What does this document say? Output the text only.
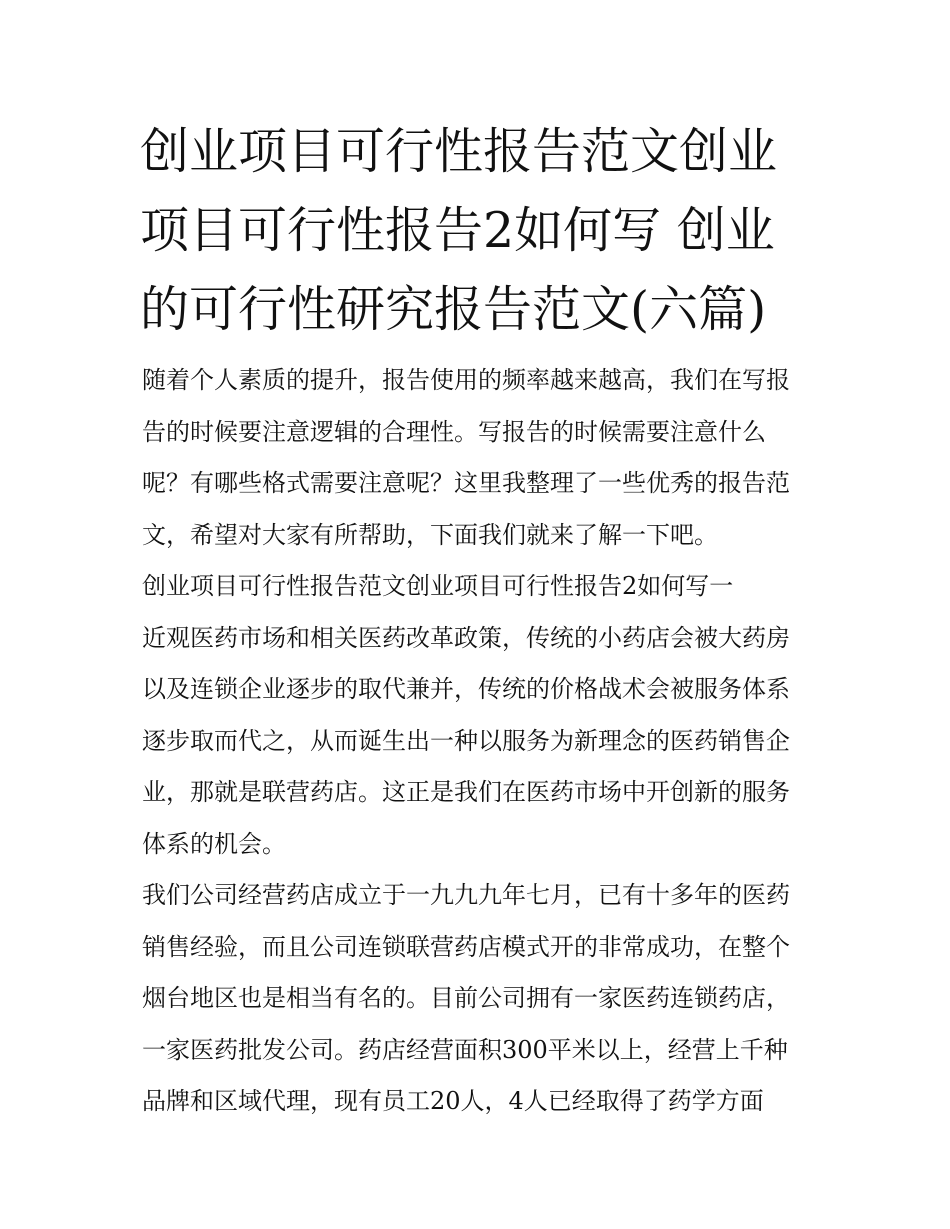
创业项目可行性报告范文创业
项目可行性报告2如何写 创业
的可行性研究报告范文(六篇)
随着个人素质的提升，报告使用的频率越来越高，我们在写报
告的时候要注意逻辑的合理性。写报告的时候需要注意什么
呢？有哪些格式需要注意呢？这里我整理了一些优秀的报告范
文，希望对大家有所帮助，下面我们就来了解一下吧。
创业项目可行性报告范文创业项目可行性报告2如何写一
近观医药市场和相关医药改革政策，传统的小药店会被大药房
以及连锁企业逐步的取代兼并，传统的价格战术会被服务体系
逐步取而代之，从而诞生出一种以服务为新理念的医药销售企
业，那就是联营药店。这正是我们在医药市场中开创新的服务
体系的机会。
我们公司经营药店成立于一九九九年七月，已有十多年的医药
销售经验，而且公司连锁联营药店模式开的非常成功，在整个
烟台地区也是相当有名的。目前公司拥有一家医药连锁药店，
一家医药批发公司。药店经营面积300平米以上，经营上千种
品牌和区域代理，现有员工20人，4人已经取得了药学方面
